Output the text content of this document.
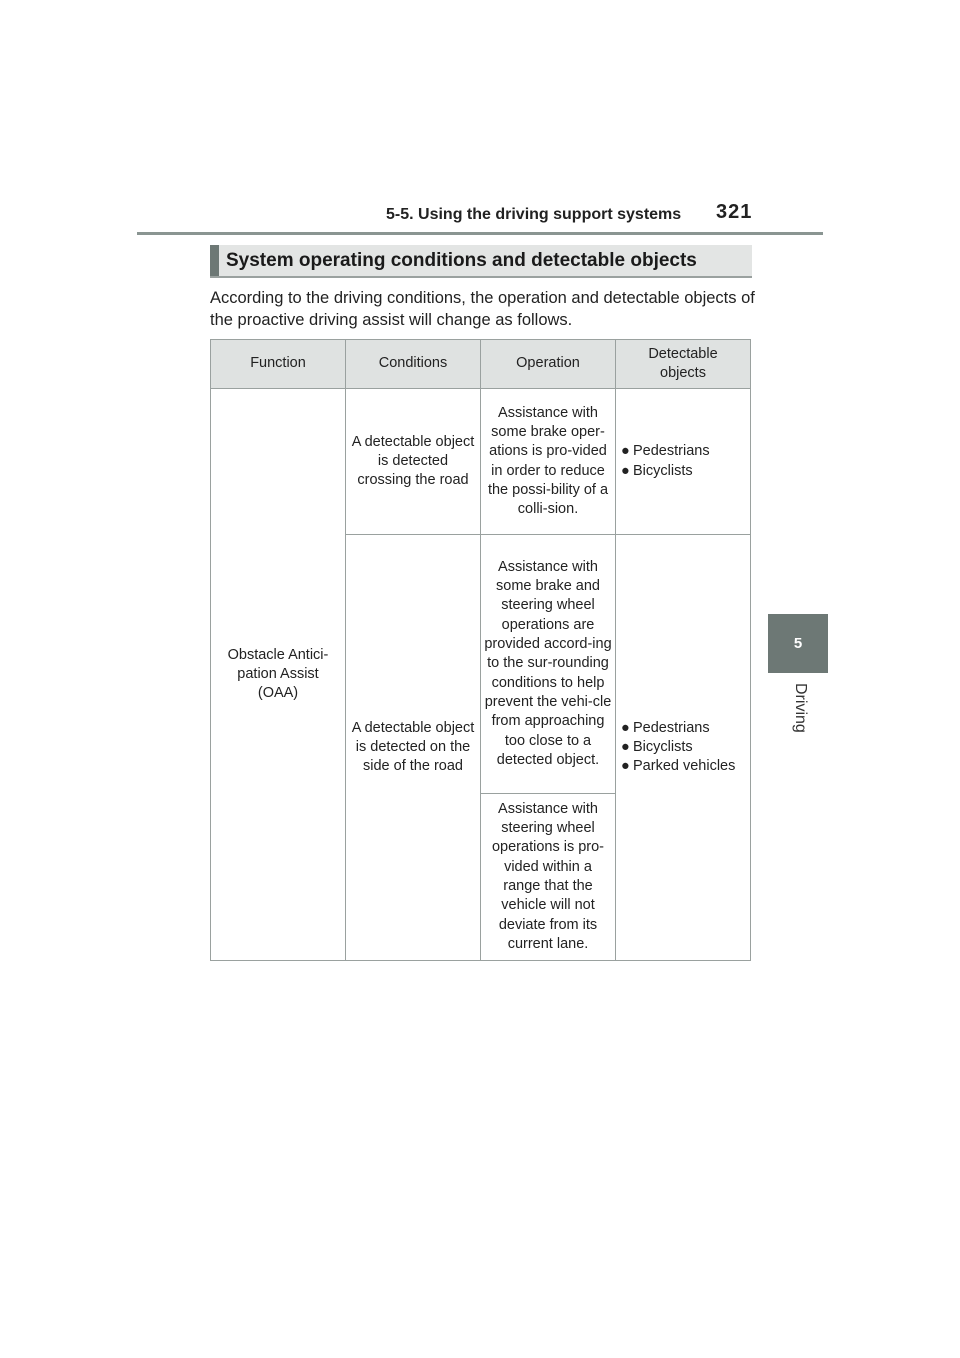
5-5. Using the driving support systems 321
5
Driving
System operating conditions and detectable objects
According to the driving conditions, the operation and detectable objects of the proactive driving assist will change as follows.
Function	Conditions	Operation	Detectable objects

Obstacle Antici-pation Assist (OAA)	A detectable object is detected crossing the road	Assistance with some brake oper-ations is pro-vided in order to reduce the possi-bility of a colli-sion.	● Pedestrians
● Bicyclists

	A detectable object is detected on the side of the road	Assistance with some brake and steering wheel operations are provided accord-ing to the sur-rounding conditions to help prevent the vehi-cle from approaching too close to a detected object.	● Pedestrians
● Bicyclists
● Parked vehicles

		Assistance with steering wheel operations is pro-vided within a range that the vehicle will not deviate from its current lane.	
